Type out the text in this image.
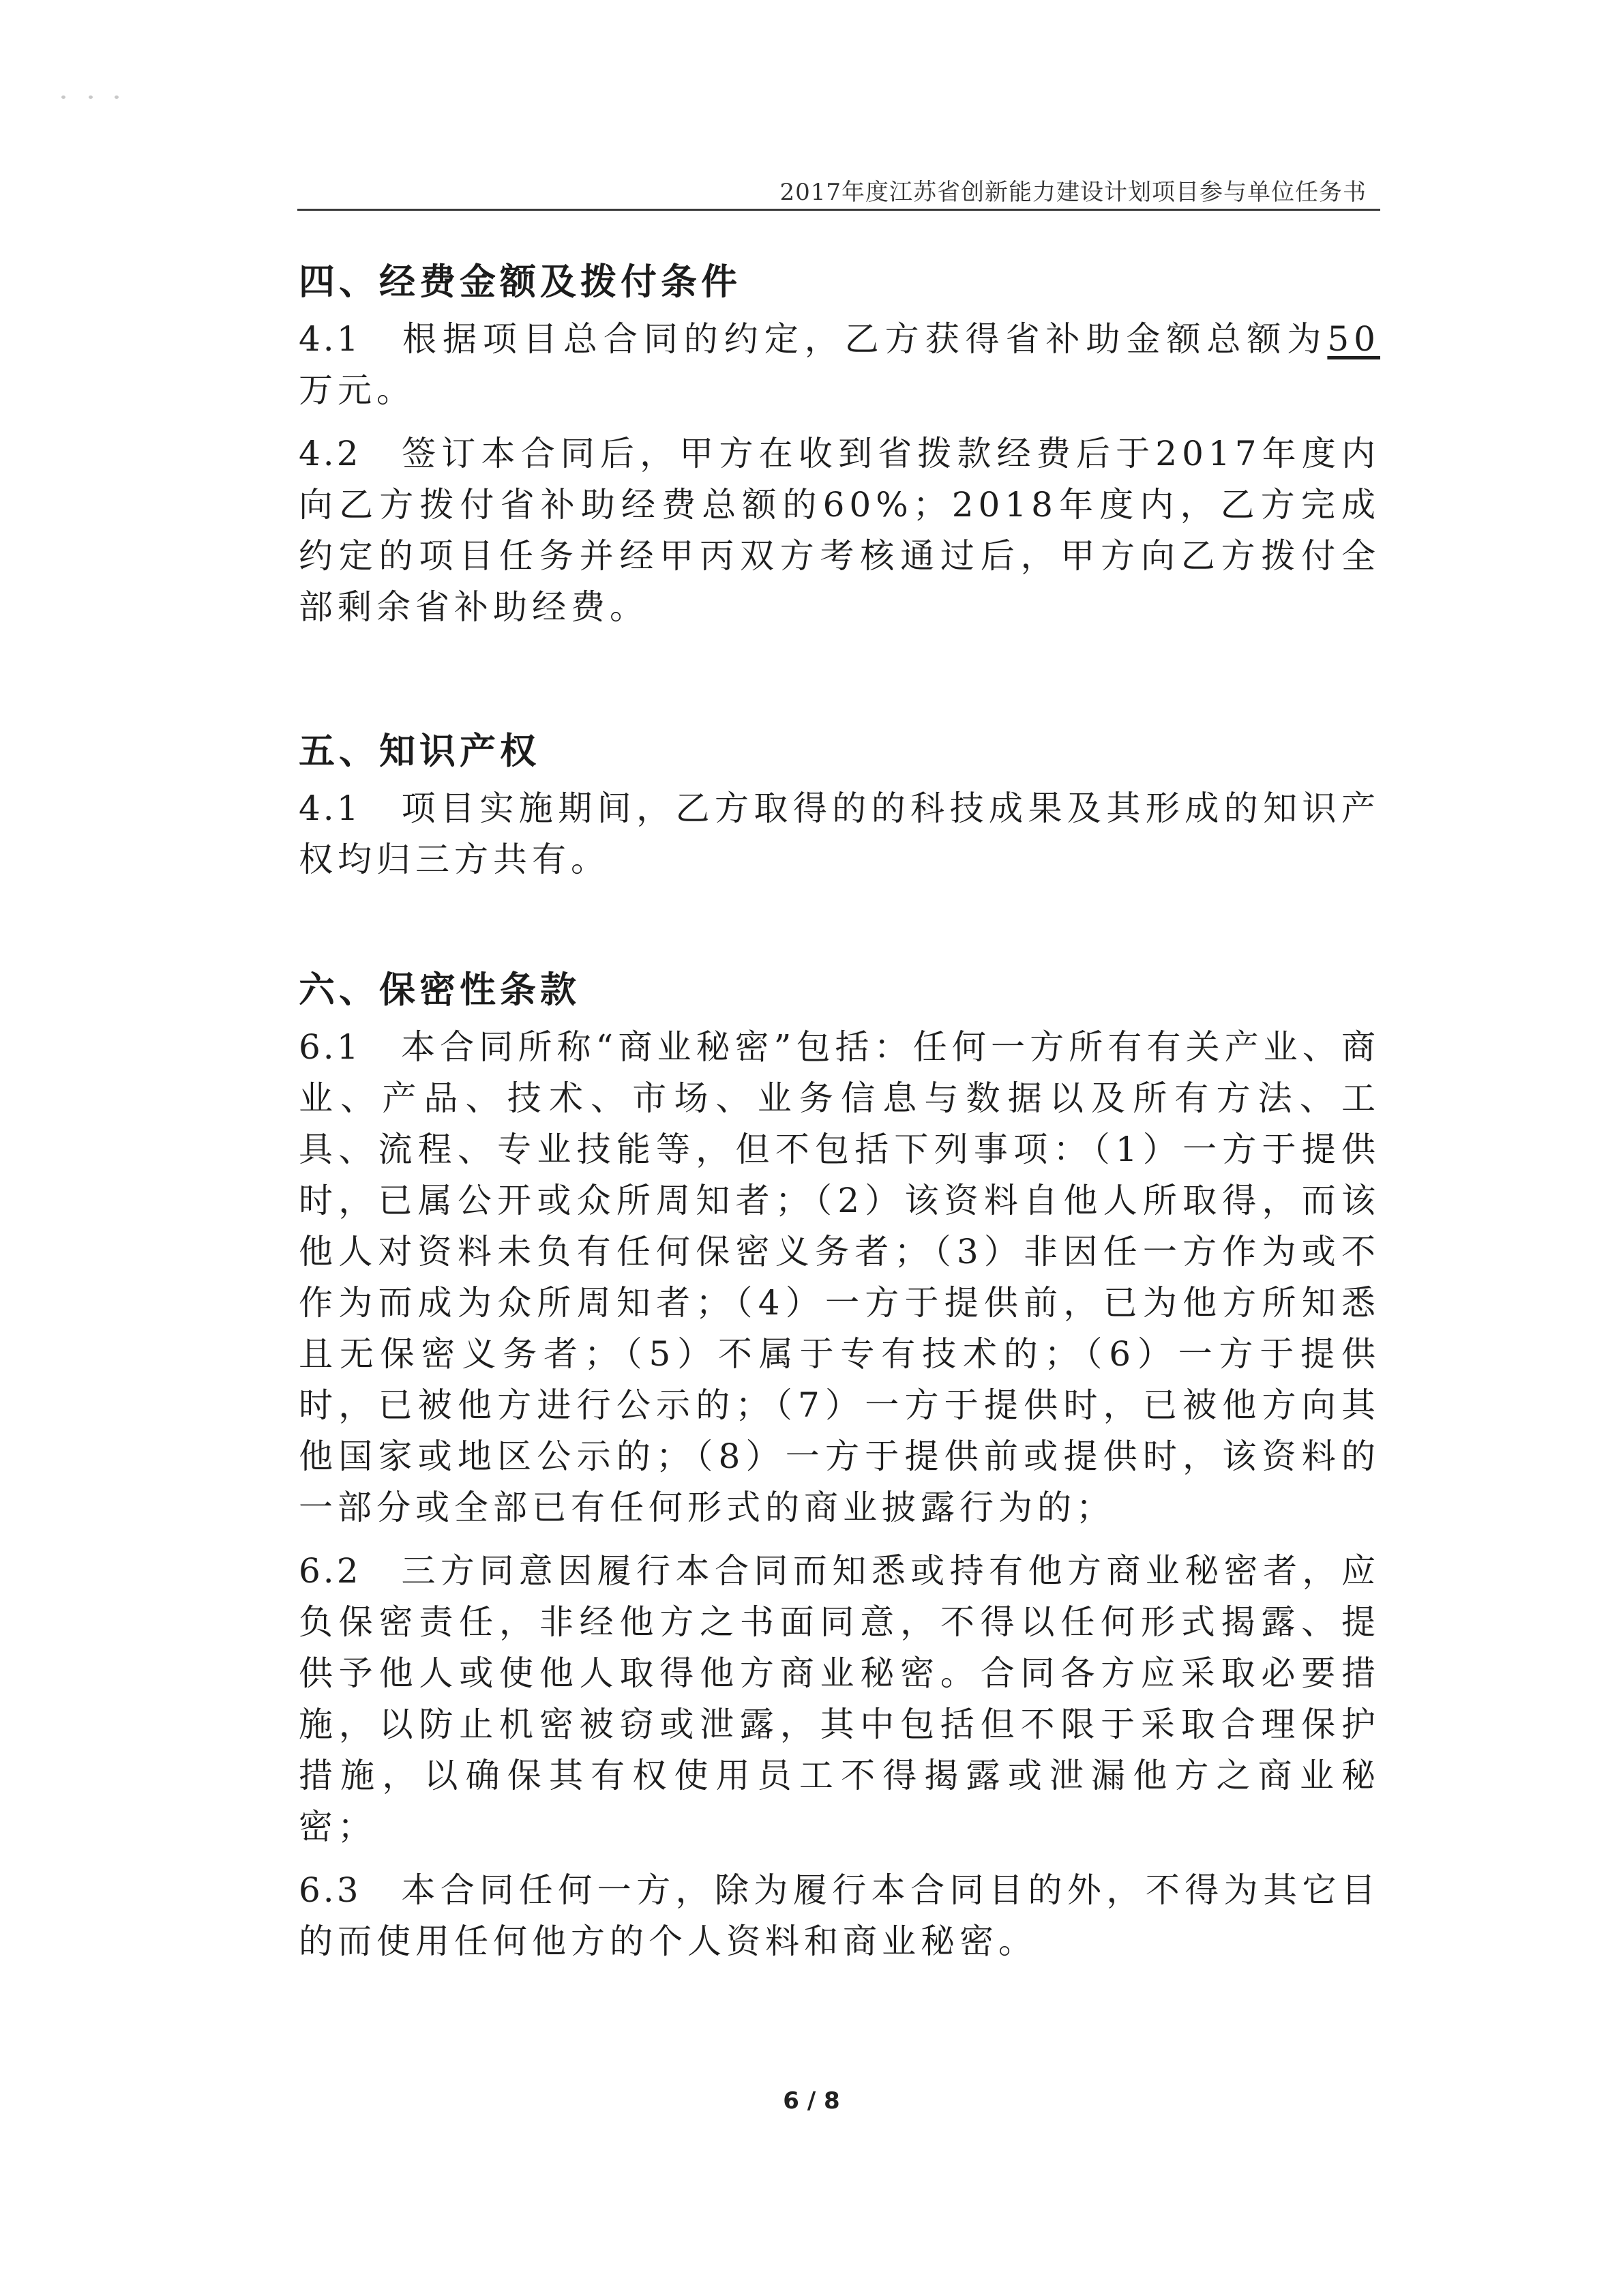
2017年度江苏省创新能力建设计划项目参与单位任务书
四、经费金额及拨付条件

4.1 根据项目总合同的约定，乙方获得省补助金额总额为50万元。

4.2 签订本合同后，甲方在收到省拨款经费后于2017年度内向乙方拨付省补助经费总额的60%；2018年度内，乙方完成约定的项目任务并经甲丙双方考核通过后，甲方向乙方拨付全部剩余省补助经费。

五、知识产权

4.1 项目实施期间，乙方取得的的科技成果及其形成的知识产权均归三方共有。

六、保密性条款

6.1 本合同所称“商业秘密”包括：任何一方所有有关产业、商业、产品、技术、市场、业务信息与数据以及所有方法、工具、流程、专业技能等，但不包括下列事项：（1）一方于提供时，已属公开或众所周知者；（2）该资料自他人所取得，而该他人对资料未负有任何保密义务者；（3）非因任一方作为或不作为而成为众所周知者；（4）一方于提供前，已为他方所知悉且无保密义务者；（5）不属于专有技术的；（6）一方于提供时，已被他方进行公示的；（7）一方于提供时，已被他方向其他国家或地区公示的；（8）一方于提供前或提供时，该资料的一部分或全部已有任何形式的商业披露行为的；

6.2 三方同意因履行本合同而知悉或持有他方商业秘密者，应负保密责任，非经他方之书面同意，不得以任何形式揭露、提供予他人或使他人取得他方商业秘密。合同各方应采取必要措施，以防止机密被窃或泄露，其中包括但不限于采取合理保护措施，以确保其有权使用员工不得揭露或泄漏他方之商业秘密；

6.3 本合同任何一方，除为履行本合同目的外，不得为其它目的而使用任何他方的个人资料和商业秘密。

6 / 8
